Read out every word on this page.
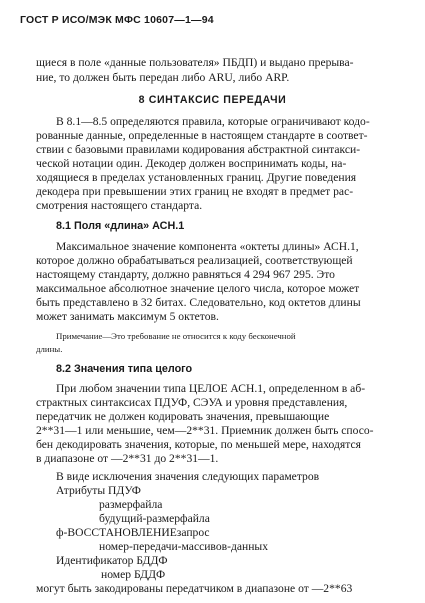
ГОСТ Р ИСО/МЭК МФС 10607—1—94
щиеся в поле «данные пользователя» ПБДП) и выдано прерыва-
ние, то должен быть передан либо ARU, либо ARP.
8 СИНТАКСИС ПЕРЕДАЧИ
В 8.1—8.5 определяются правила, которые ограничивают кодо-
рованные данные, определенные в настоящем стандарте в соответ-
ствии с базовыми правилами кодирования абстрактной синтакси-
ческой нотации один. Декодер должен воспринимать коды, на-
ходящиеся в пределах установленных границ. Другие поведения
декодера при превышении этих границ не входят в предмет рас-
смотрения настоящего стандарта.
8.1 Поля «длина» АСН.1
Максимальное значение компонента «октеты длины» АСН.1,
которое должно обрабатываться реализацией, соответствующей
настоящему стандарту, должно равняться 4 294 967 295. Это
максимальное абсолютное значение целого числа, которое может
быть представлено в 32 битах. Следовательно, код октетов длины
может занимать максимум 5 октетов.
Примечание—Это требование не относится к коду бесконечной
длины.
8.2 Значения типа целого
При любом значении типа ЦЕЛОЕ АСН.1, определенном в аб-
страктных синтаксисах ПДУФ, СЭУА и уровня представления,
передатчик не должен кодировать значения, превышающие
2**31—1 или меньшие, чем—2**31. Приемник должен быть спосо-
бен декодировать значения, которые, по меньшей мере, находятся
в диапазоне от —2**31 до 2**31—1.
В виде исключения значения следующих параметров
Атрибуты ПДУФ
размерфайла
будущий-размерфайла
ф-ВОССТАНОВЛЕНИЕзапрос
номер-передачи-массивов-данных
Идентификатор БДДФ
номер БДДФ
могут быть закодированы передатчиком в диапазоне от —2**63
